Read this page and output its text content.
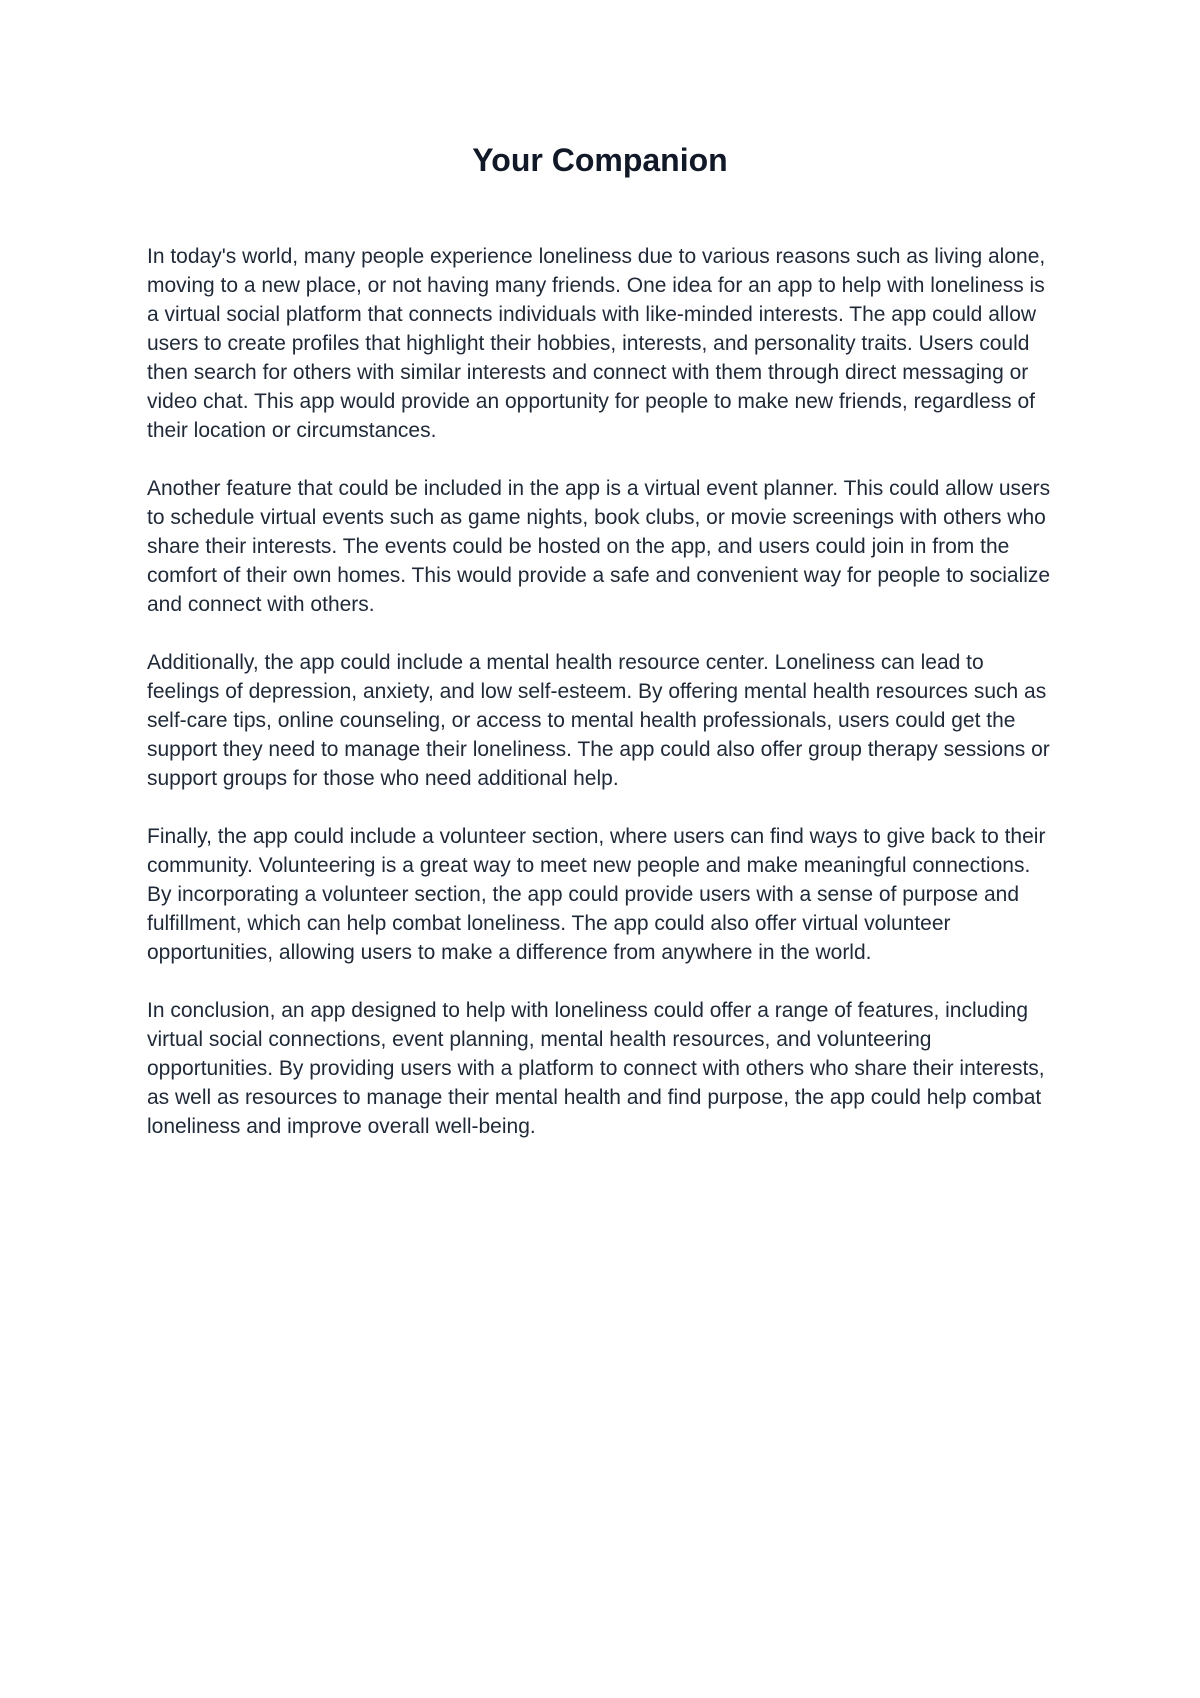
Your Companion

In today's world, many people experience loneliness due to various reasons such as living alone, moving to a new place, or not having many friends. One idea for an app to help with loneliness is a virtual social platform that connects individuals with like-minded interests. The app could allow users to create profiles that highlight their hobbies, interests, and personality traits. Users could then search for others with similar interests and connect with them through direct messaging or video chat. This app would provide an opportunity for people to make new friends, regardless of their location or circumstances.

Another feature that could be included in the app is a virtual event planner. This could allow users to schedule virtual events such as game nights, book clubs, or movie screenings with others who share their interests. The events could be hosted on the app, and users could join in from the comfort of their own homes. This would provide a safe and convenient way for people to socialize and connect with others.

Additionally, the app could include a mental health resource center. Loneliness can lead to feelings of depression, anxiety, and low self-esteem. By offering mental health resources such as self-care tips, online counseling, or access to mental health professionals, users could get the support they need to manage their loneliness. The app could also offer group therapy sessions or support groups for those who need additional help.

Finally, the app could include a volunteer section, where users can find ways to give back to their community. Volunteering is a great way to meet new people and make meaningful connections. By incorporating a volunteer section, the app could provide users with a sense of purpose and fulfillment, which can help combat loneliness. The app could also offer virtual volunteer opportunities, allowing users to make a difference from anywhere in the world.

In conclusion, an app designed to help with loneliness could offer a range of features, including virtual social connections, event planning, mental health resources, and volunteering opportunities. By providing users with a platform to connect with others who share their interests, as well as resources to manage their mental health and find purpose, the app could help combat loneliness and improve overall well-being.
